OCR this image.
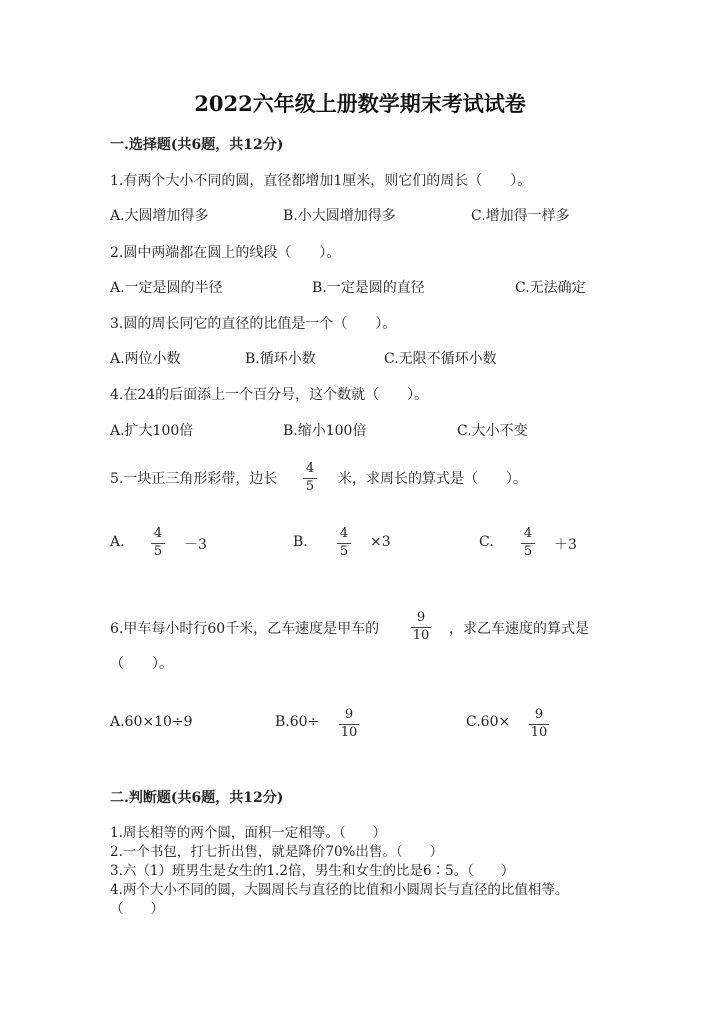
2022六年级上册数学期末考试试卷
一.选择题(共6题，共12分)
1.有两个大小不同的圆，直径都增加1厘米，则它们的周长（　　）。
A.大圆增加得多	B.小大圆增加得多	C.增加得一样多
2.圆中两端都在圆上的线段（　　）。
A.一定是圆的半径	B.一定是圆的直径	C.无法确定
3.圆的周长同它的直径的比值是一个（　　）。
A.两位小数	B.循环小数	C.无限不循环小数
4.在24的后面添上一个百分号，这个数就（　　）。
A.扩大100倍	B.缩小100倍	C.大小不变
5.一块正三角形彩带，边长
4
5 米，求周长的算式是（　　）。
A.
4
5 －3	B.
4
5
×3	C.
4
5 ＋3
6.甲车每小时行60千米，乙车速度是甲车的
9
10 ，求乙车速度的算式是
（　　）。
A.60×10÷9	B.60÷ 9
10
C.60× 9
10
二.判断题(共6题，共12分)
1.周长相等的两个圆，面积一定相等。（　　）
2.一个书包，打七折出售，就是降价70%出售。（　　）
3.六（1）班男生是女生的1.2倍，男生和女生的比是6∶5。（　　）
4.两个大小不同的圆，大圆周长与直径的比值和小圆周长与直径的比值相等。
（　　）
